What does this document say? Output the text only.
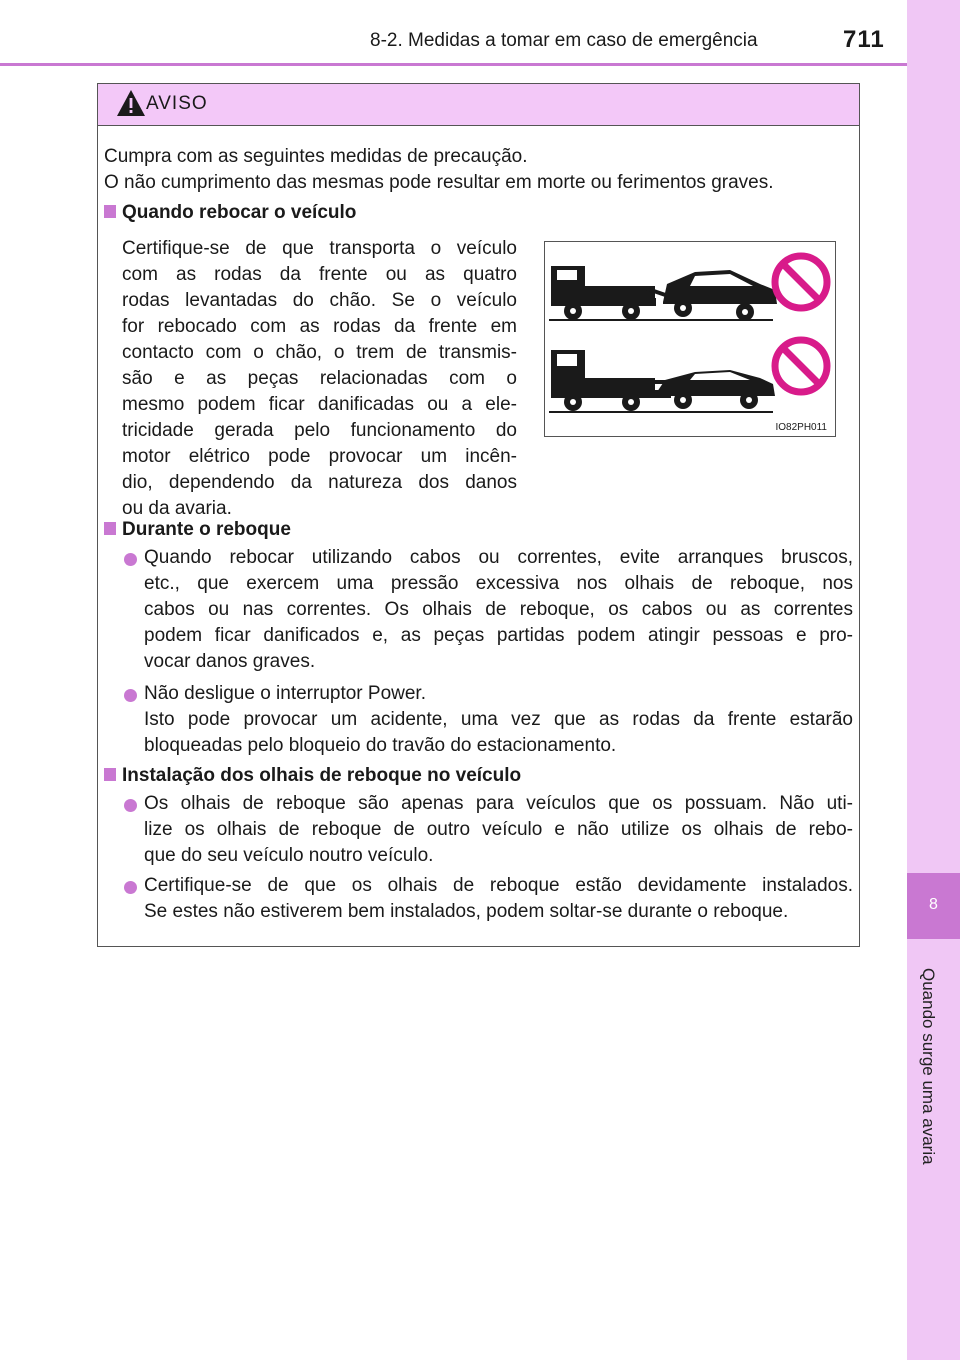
8-2. Medidas a tomar em caso de emergência	711
8
Quando surge uma avaria
AVISO
Cumpra com as seguintes medidas de precaução.
O não cumprimento das mesmas pode resultar em morte ou ferimentos graves.
Quando rebocar o veículo
Certifique-se de que transporta o veículo
com as rodas da frente ou as quatro
rodas levantadas do chão. Se o veículo
for rebocado com as rodas da frente em
contacto com o chão, o trem de transmis-
são e as peças relacionadas com o
mesmo podem ficar danificadas ou a ele-
tricidade gerada pelo funcionamento do
motor elétrico pode provocar um incên-
dio, dependendo da natureza dos danos
ou da avaria.
IO82PH011
Durante o reboque
Quando rebocar utilizando cabos ou correntes, evite arranques bruscos,
etc., que exercem uma pressão excessiva nos olhais de reboque, nos
cabos ou nas correntes. Os olhais de reboque, os cabos ou as correntes
podem ficar danificados e, as peças partidas podem atingir pessoas e pro-
vocar danos graves.
Não desligue o interruptor Power.
Isto pode provocar um acidente, uma vez que as rodas da frente estarão
bloqueadas pelo bloqueio do travão do estacionamento.
Instalação dos olhais de reboque no veículo
Os olhais de reboque são apenas para veículos que os possuam. Não uti-
lize os olhais de reboque de outro veículo e não utilize os olhais de rebo-
que do seu veículo noutro veículo.
Certifique-se de que os olhais de reboque estão devidamente instalados.
Se estes não estiverem bem instalados, podem soltar-se durante o reboque.
